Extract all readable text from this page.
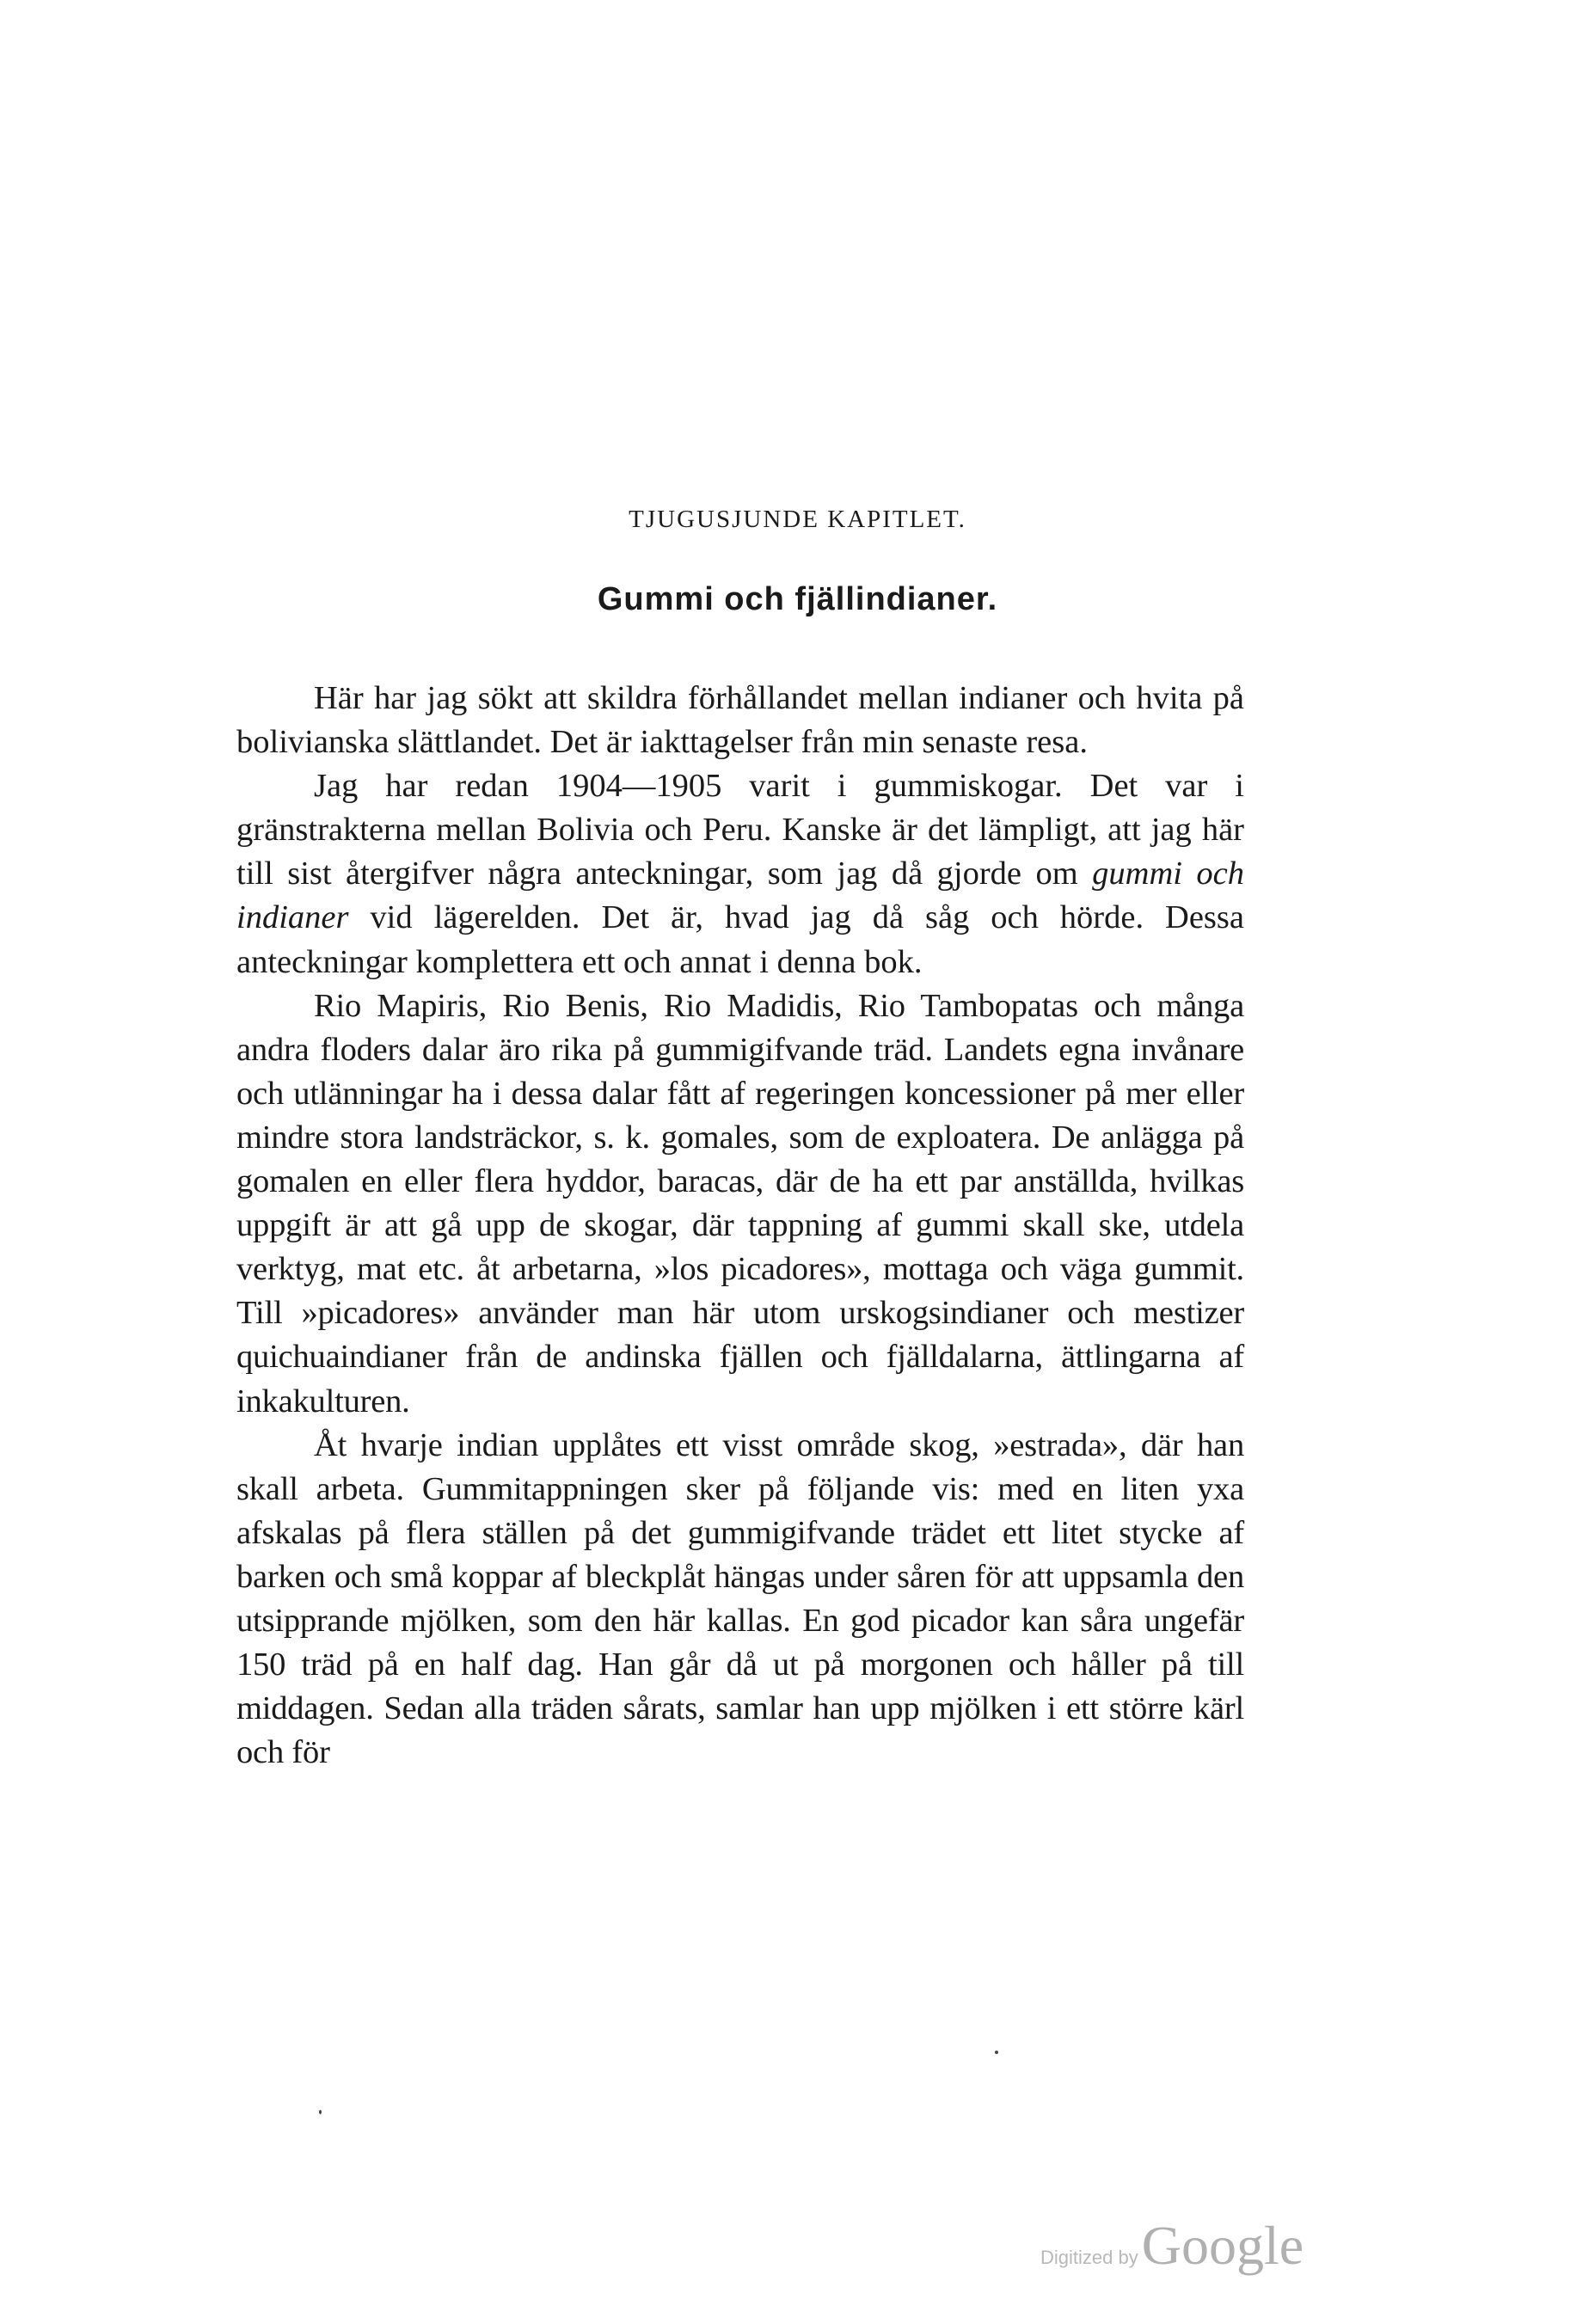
TJUGUSJUNDE KAPITLET.
Gummi och fjällindianer.

Här har jag sökt att skildra förhållandet mellan indianer och hvita på bolivianska slättlandet. Det är iakttagelser från min senaste resa.

Jag har redan 1904—1905 varit i gummiskogar. Det var i gränstrakterna mellan Bolivia och Peru. Kanske är det lämpligt, att jag här till sist återgifver några anteckningar, som jag då gjorde om gummi och indianer vid lägerelden. Det är, hvad jag då såg och hörde. Dessa anteckningar komplettera ett och annat i denna bok.

Rio Mapiris, Rio Benis, Rio Madidis, Rio Tambopatas och många andra floders dalar äro rika på gummigifvande träd. Landets egna invånare och utlänningar ha i dessa dalar fått af regeringen koncessioner på mer eller mindre stora landsträckor, s. k. gomales, som de exploatera. De anlägga på gomalen en eller flera hyddor, baracas, där de ha ett par anställda, hvilkas uppgift är att gå upp de skogar, där tappning af gummi skall ske, utdela verktyg, mat etc. åt arbetarna, »los picadores», mottaga och väga gummit. Till »picadores» använder man här utom urskogsindianer och mestizer quichuaindianer från de andinska fjällen och fjälldalarna, ättlingarna af inkakulturen.

Åt hvarje indian upplåtes ett visst område skog, »estrada», där han skall arbeta. Gummitappningen sker på följande vis: med en liten yxa afskalas på flera ställen på det gummigifvande trädet ett litet stycke af barken och små koppar af bleckplåt hängas under såren för att uppsamla den utsipprande mjölken, som den här kallas. En god picador kan såra ungefär 150 träd på en half dag. Han går då ut på morgonen och håller på till middagen. Sedan alla träden sårats, samlar han upp mjölken i ett större kärl och för

Digitized by Google
